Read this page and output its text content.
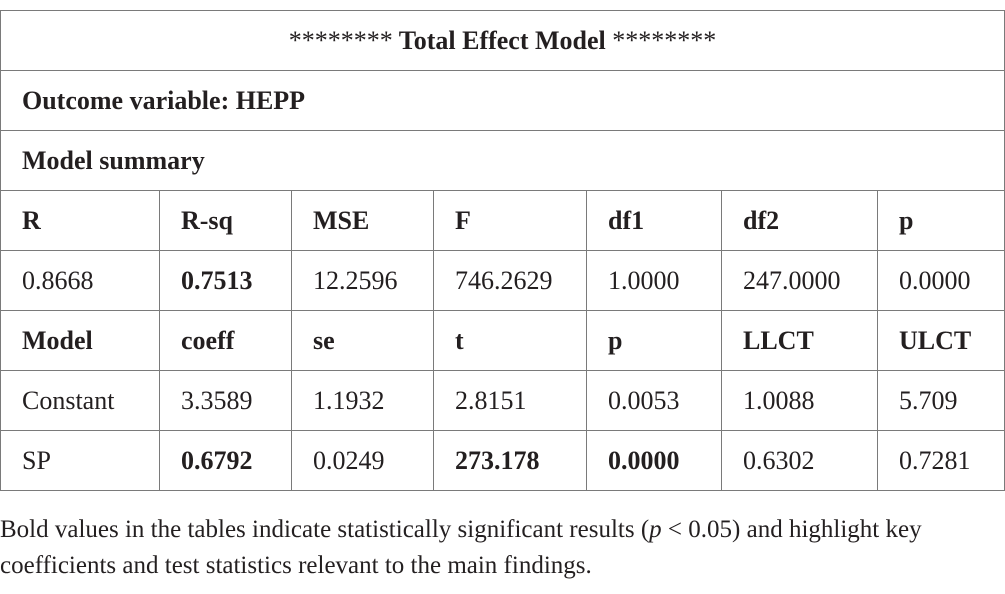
******** Total Effect Model ********						
Outcome variable: HEPP						
Model summary						
R	R-sq	MSE	F	df1	df2	p
0.8668	0.7513	12.2596	746.2629	1.0000	247.0000	0.0000
Model	coeff	se	t	p	LLCT	ULCT
Constant	3.3589	1.1932	2.8151	0.0053	1.0088	5.709
SP	0.6792	0.0249	273.178	0.0000	0.6302	0.7281

Bold values in the tables indicate statistically significant results (p < 0.05) and highlight key coefficients and test statistics relevant to the main findings.
